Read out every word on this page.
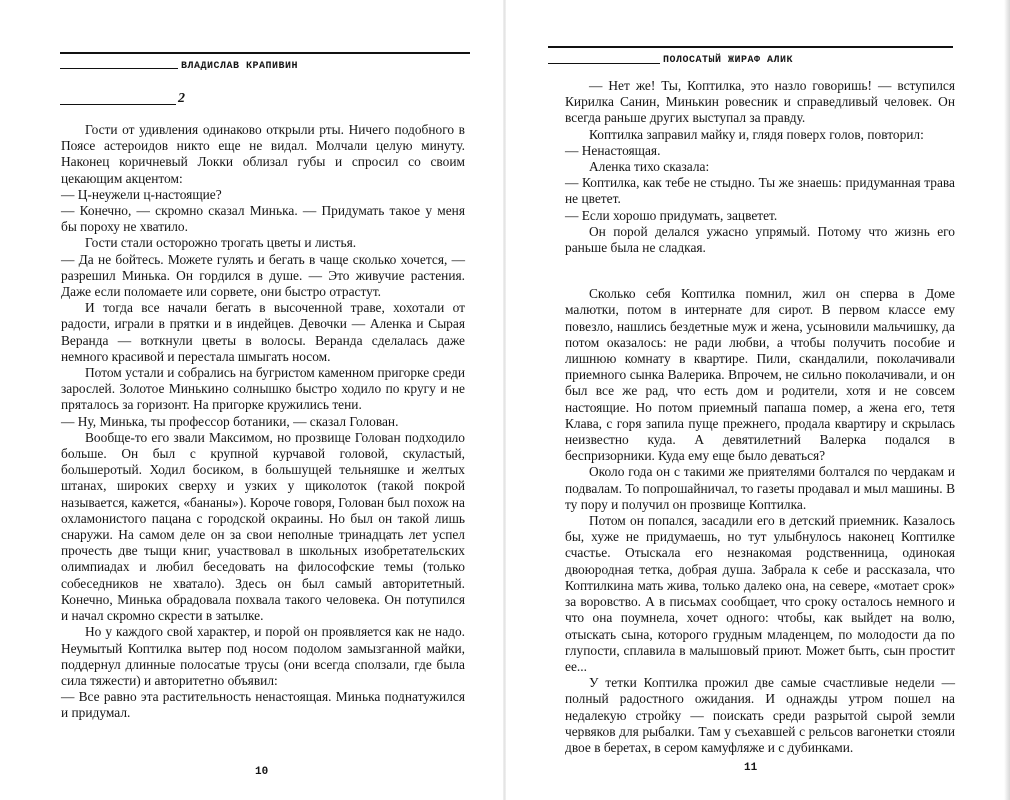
ВЛАДИСЛАВ КРАПИВИН
2

Гости от удивления одинаково открыли рты. Ничего подобного в Поясе астероидов никто еще не видал. Молчали целую минуту. Наконец коричневый Локки облизал губы и спросил со своим цекающим акцентом:

— Ц-неужели ц-настоящие?

— Конечно, — скромно сказал Минька. — Придумать такое у меня бы пороху не хватило.

Гости стали осторожно трогать цветы и листья.

— Да не бойтесь. Можете гулять и бегать в чаще сколько хочется, — разрешил Минька. Он гордился в душе. — Это живучие растения. Даже если поломаете или сорвете, они быстро отрастут.

И тогда все начали бегать в высоченной траве, хохотали от радости, играли в прятки и в индейцев. Девочки — Аленка и Сырая Веранда — воткнули цветы в волосы. Веранда сделалась даже немного красивой и перестала шмыгать носом.

Потом устали и собрались на бугристом каменном пригорке среди зарослей. Золотое Минькино солнышко быстро ходило по кругу и не пряталось за горизонт. На пригорке кружились тени.

— Ну, Минька, ты профессор ботаники, — сказал Голован.

Вообще-то его звали Максимом, но прозвище Голован подходило больше. Он был с крупной курчавой головой, скуластый, большеротый. Ходил босиком, в большущей тельняшке и желтых штанах, широких сверху и узких у щиколоток (такой покрой называется, кажется, «бананы»). Короче говоря, Голован был похож на охламонистого пацана с городской окраины. Но был он такой лишь снаружи. На самом деле он за свои неполные тринадцать лет успел прочесть две тыщи книг, участвовал в школьных изобретательских олимпиадах и любил беседовать на философские темы (только собеседников не хватало). Здесь он был самый авторитетный. Конечно, Минька обрадовала похвала такого человека. Он потупился и начал скромно скрести в затылке.

Но у каждого свой характер, и порой он проявляется как не надо. Неумытый Коптилка вытер под носом подолом замызганной майки, поддернул длинные полосатые трусы (они всегда сползали, где была сила тяжести) и авторитетно объявил:

— Все равно эта растительность ненастоящая. Минька поднатужился и придумал.

10
ПОЛОСАТЫЙ ЖИРАФ АЛИК

— Нет же! Ты, Коптилка, это назло говоришь! — вступился Кирилка Санин, Минькин ровесник и справедливый человек. Он всегда раньше других выступал за правду.

Коптилка заправил майку и, глядя поверх голов, повторил:

— Ненастоящая.

Аленка тихо сказала:

— Коптилка, как тебе не стыдно. Ты же знаешь: придуманная трава не цветет.

— Если хорошо придумать, зацветет.

Он порой делался ужасно упрямый. Потому что жизнь его раньше была не сладкая.

Сколько себя Коптилка помнил, жил он сперва в Доме малютки, потом в интернате для сирот. В первом классе ему повезло, нашлись бездетные муж и жена, усыновили мальчишку, да потом оказалось: не ради любви, а чтобы получить пособие и лишнюю комнату в квартире. Пили, скандалили, поколачивали приемного сынка Валерика. Впрочем, не сильно поколачивали, и он был все же рад, что есть дом и родители, хотя и не совсем настоящие. Но потом приемный папаша помер, а жена его, тетя Клава, с горя запила пуще прежнего, продала квартиру и скрылась неизвестно куда. А девятилетний Валерка подался в беспризорники. Куда ему еще было деваться?

Около года он с такими же приятелями болтался по чердакам и подвалам. То попрошайничал, то газеты продавал и мыл машины. В ту пору и получил он прозвище Коптилка.

Потом он попался, засадили его в детский приемник. Казалось бы, хуже не придумаешь, но тут улыбнулось наконец Коптилке счастье. Отыскала его незнакомая родственница, одинокая двоюродная тетка, добрая душа. Забрала к себе и рассказала, что Коптилкина мать жива, только далеко она, на севере, «мотает срок» за воровство. А в письмах сообщает, что сроку осталось немного и что она поумнела, хочет одного: чтобы, как выйдет на волю, отыскать сына, которого грудным младенцем, по молодости да по глупости, сплавила в малышовый приют. Может быть, сын простит ее...

У тетки Коптилка прожил две самые счастливые недели — полный радостного ожидания. И однажды утром пошел на недалекую стройку — поискать среди разрытой сырой земли червяков для рыбалки. Там у съехавшей с рельсов вагонетки стояли двое в беретах, в сером камуфляже и с дубинками.

11
